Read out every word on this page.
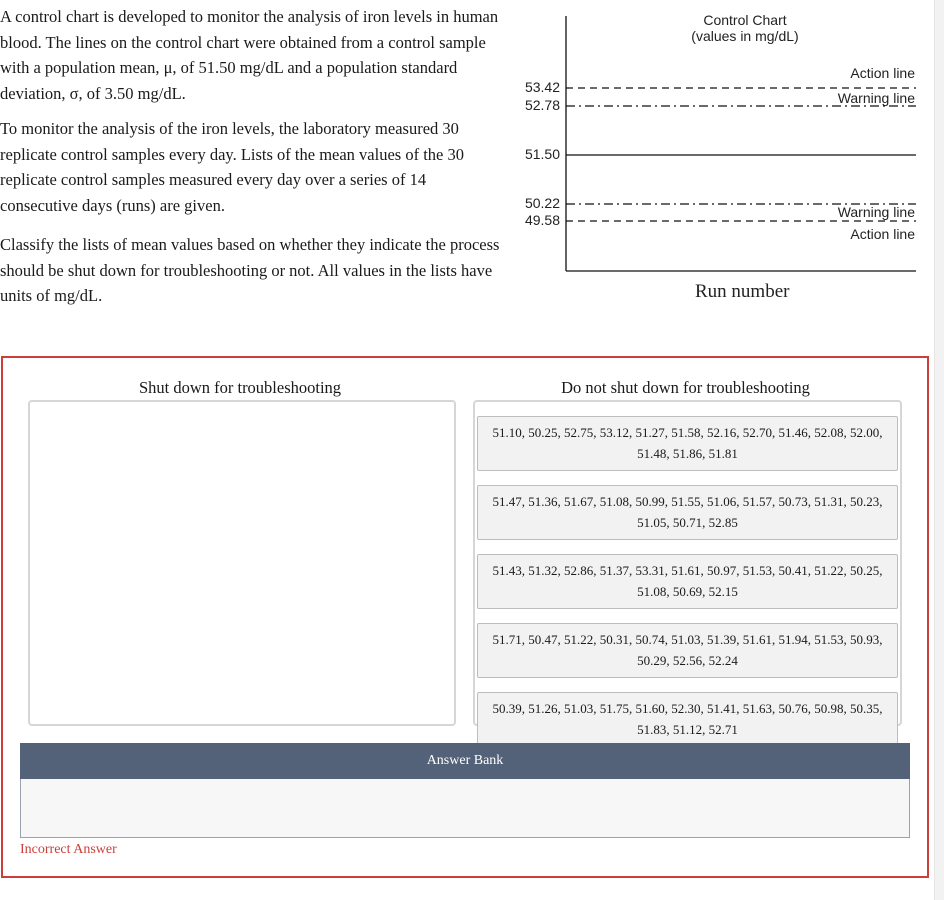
A control chart is developed to monitor the analysis of iron levels in human blood. The lines on the control chart were obtained from a control sample with a population mean, μ, of 51.50 mg/dL and a population standard deviation, σ, of 3.50 mg/dL.

To monitor the analysis of the iron levels, the laboratory measured 30 replicate control samples every day. Lists of the mean values of the 30 replicate control samples measured every day over a series of 14 consecutive days (runs) are given.

Classify the lists of mean values based on whether they indicate the process should be shut down for troubleshooting or not. All values in the lists have units of mg/dL.

Control Chart
(values in mg/dL)
53.42
52.78
51.50
50.22
49.58
Action line
Warning line
Warning line
Action line
Run number
Shut down for troubleshooting	Do not shut down for troubleshooting
51.10, 50.25, 52.75, 53.12, 51.27, 51.58, 52.16, 52.70, 51.46, 52.08, 52.00, 51.48, 51.86, 51.81
51.47, 51.36, 51.67, 51.08, 50.99, 51.55, 51.06, 51.57, 50.73, 51.31, 50.23, 51.05, 50.71, 52.85
51.43, 51.32, 52.86, 51.37, 53.31, 51.61, 50.97, 51.53, 50.41, 51.22, 50.25, 51.08, 50.69, 52.15
51.71, 50.47, 51.22, 50.31, 50.74, 51.03, 51.39, 51.61, 51.94, 51.53, 50.93, 50.29, 52.56, 52.24
50.39, 51.26, 51.03, 51.75, 51.60, 52.30, 51.41, 51.63, 50.76, 50.98, 50.35, 51.83, 51.12, 52.71
Answer Bank
Incorrect Answer
